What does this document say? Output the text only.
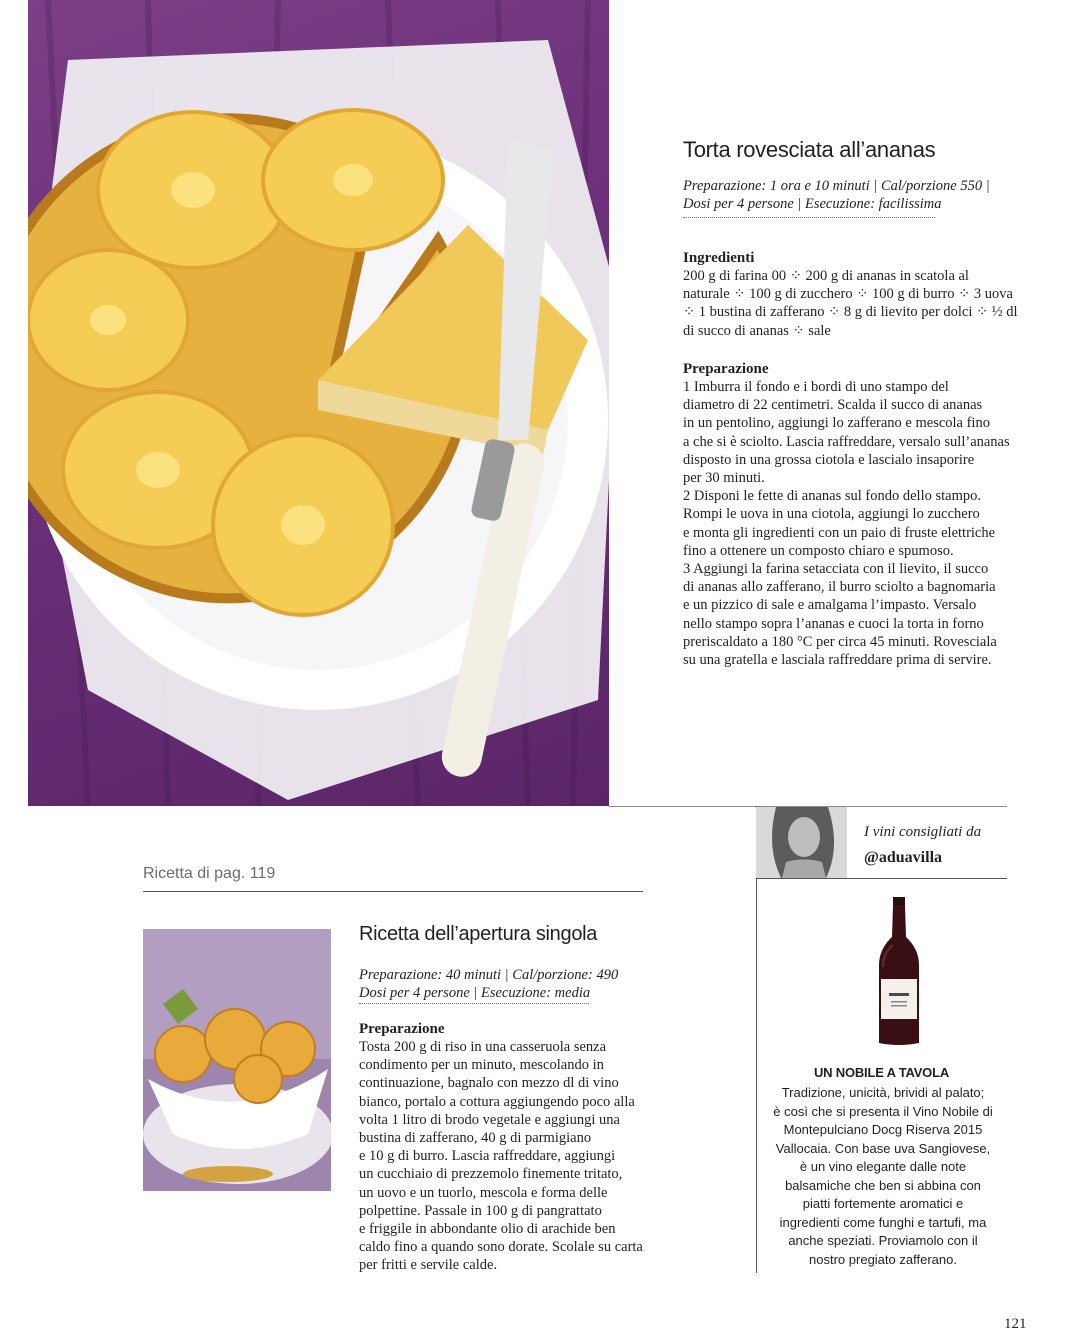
Torta rovesciata all’ananas
Preparazione: 1 ora e 10 minuti | Cal/porzione 550 |
Dosi per 4 persone | Esecuzione: facilissima
Ingredienti
200 g di farina 00 ⁘ 200 g di ananas in scatola al
naturale ⁘ 100 g di zucchero ⁘ 100 g di burro ⁘ 3 uova
⁘ 1 bustina di zafferano ⁘ 8 g di lievito per dolci ⁘ ½ dl
di succo di ananas ⁘ sale
Preparazione
1 Imburra il fondo e i bordi di uno stampo del
diametro di 22 centimetri. Scalda il succo di ananas
in un pentolino, aggiungi lo zafferano e mescola fino
a che si è sciolto. Lascia raffreddare, versalo sull’ananas
disposto in una grossa ciotola e lascialo insaporire
per 30 minuti.
2 Disponi le fette di ananas sul fondo dello stampo.
Rompi le uova in una ciotola, aggiungi lo zucchero
e monta gli ingredienti con un paio di fruste elettriche
fino a ottenere un composto chiaro e spumoso.
3 Aggiungi la farina setacciata con il lievito, il succo
di ananas allo zafferano, il burro sciolto a bagnomaria
e un pizzico di sale e amalgama l’impasto. Versalo
nello stampo sopra l’ananas e cuoci la torta in forno
preriscaldato a 180 °C per circa 45 minuti. Rovesciala
su una gratella e lasciala raffreddare prima di servire.
Ricetta di pag. 119
Ricetta dell’apertura singola
Preparazione: 40 minuti | Cal/porzione: 490
Dosi per 4 persone | Esecuzione: media
Preparazione
Tosta 200 g di riso in una casseruola senza
condimento per un minuto, mescolando in
continuazione, bagnalo con mezzo dl di vino
bianco, portalo a cottura aggiungendo poco alla
volta 1 litro di brodo vegetale e aggiungi una
bustina di zafferano, 40 g di parmigiano
e 10 g di burro. Lascia raffreddare, aggiungi
un cucchiaio di prezzemolo finemente tritato,
un uovo e un tuorlo, mescola e forma delle
polpettine. Passale in 100 g di pangrattato
e friggile in abbondante olio di arachide ben
caldo fino a quando sono dorate. Scolale su carta
per fritti e servile calde.
I vini consigliati da
@aduavilla
UN NOBILE A TAVOLA
Tradizione, unicità, brividi al palato;
è così che si presenta il Vino Nobile di
Montepulciano Docg Riserva 2015
Vallocaia. Con base uva Sangiovese,
è un vino elegante dalle note
balsamiche che ben si abbina con
piatti fortemente aromatici e
ingredienti come funghi e tartufi, ma
anche speziati. Proviamolo con il
nostro pregiato zafferano.
121
